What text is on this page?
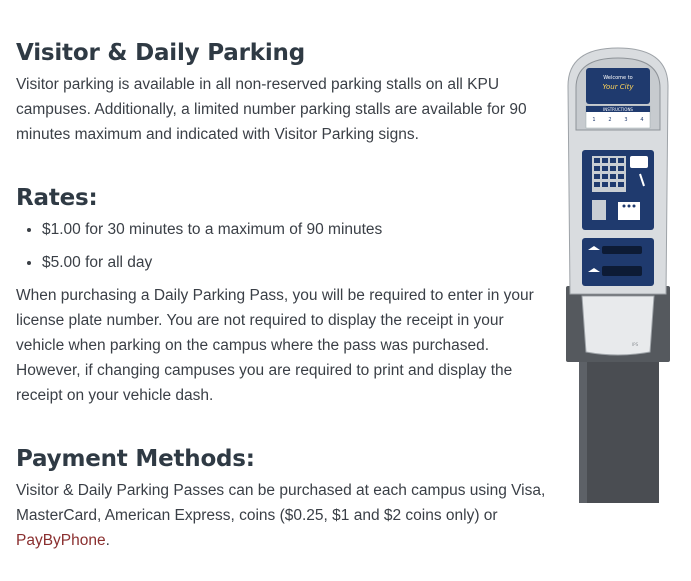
Visitor & Daily Parking

Visitor parking is available in all non-reserved parking stalls on all KPU campuses. Additionally, a limited number parking stalls are available for 90 minutes maximum and indicated with Visitor Parking signs.

Rates:
• $1.00 for 30 minutes to a maximum of 90 minutes
• $5.00 for all day

When purchasing a Daily Parking Pass, you will be required to enter in your license plate number. You are not required to display the receipt in your vehicle when parking on the campus where the pass was purchased. However, if changing campuses you are required to print and display the receipt on your vehicle dash.

Payment Methods:

Visitor & Daily Parking Passes can be purchased at each campus using Visa, MasterCard, American Express, coins ($0.25, $1 and $2 coins only) or PayByPhone.

Welcome to
Your City
INSTRUCTIONS
1	2	3	4
IPS
